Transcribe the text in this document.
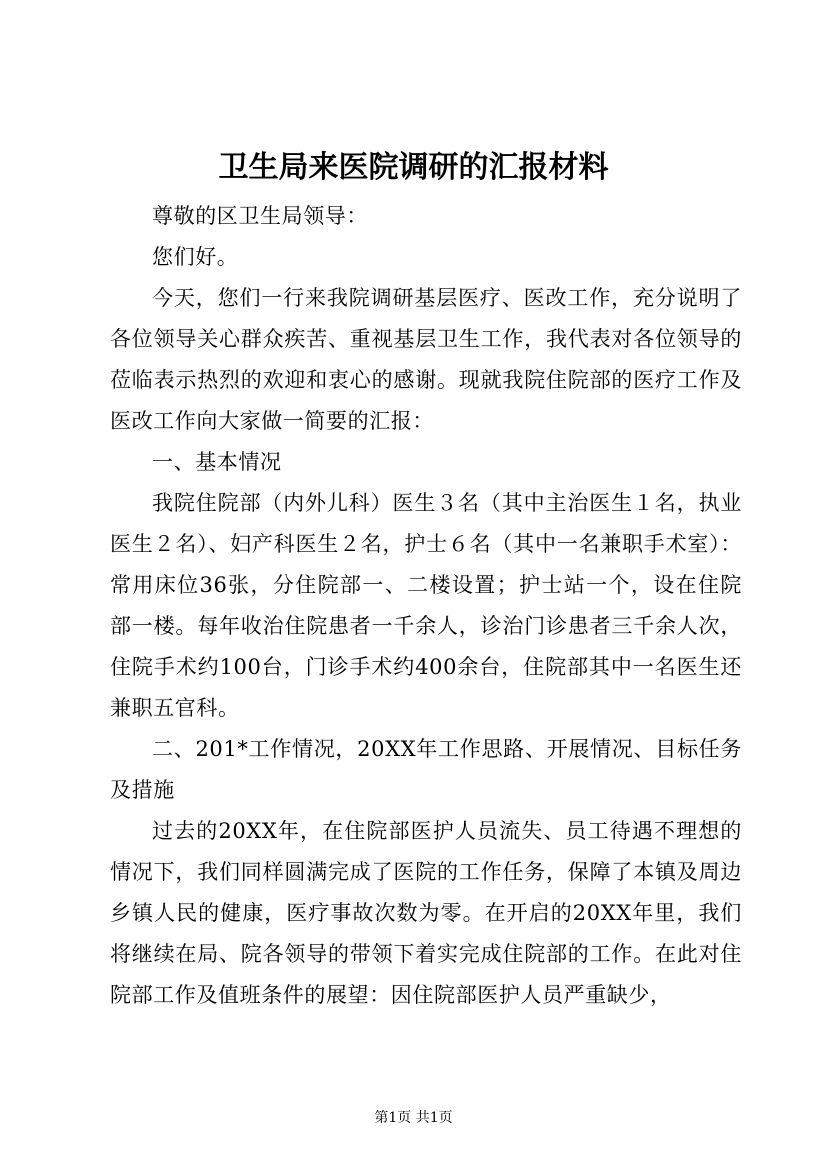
卫生局来医院调研的汇报材料

尊敬的区卫生局领导：

您们好。

今天，您们一行来我院调研基层医疗、医改工作，充分说明了各位领导关心群众疾苦、重视基层卫生工作，我代表对各位领导的莅临表示热烈的欢迎和衷心的感谢。现就我院住院部的医疗工作及医改工作向大家做一简要的汇报：

一、基本情况

我院住院部（内外儿科）医生３名（其中主治医生１名，执业医生２名）、妇产科医生２名，护士６名（其中一名兼职手术室）：常用床位36张，分住院部一、二楼设置；护士站一个，设在住院部一楼。每年收治住院患者一千余人，诊治门诊患者三千余人次，住院手术约100台，门诊手术约400余台，住院部其中一名医生还兼职五官科。

二、201*工作情况，20XX年工作思路、开展情况、目标任务及措施

过去的20XX年，在住院部医护人员流失、员工待遇不理想的情况下，我们同样圆满完成了医院的工作任务，保障了本镇及周边乡镇人民的健康，医疗事故次数为零。在开启的20XX年里，我们将继续在局、院各领导的带领下着实完成住院部的工作。在此对住院部工作及值班条件的展望：因住院部医护人员严重缺少，

第1页 共1页
